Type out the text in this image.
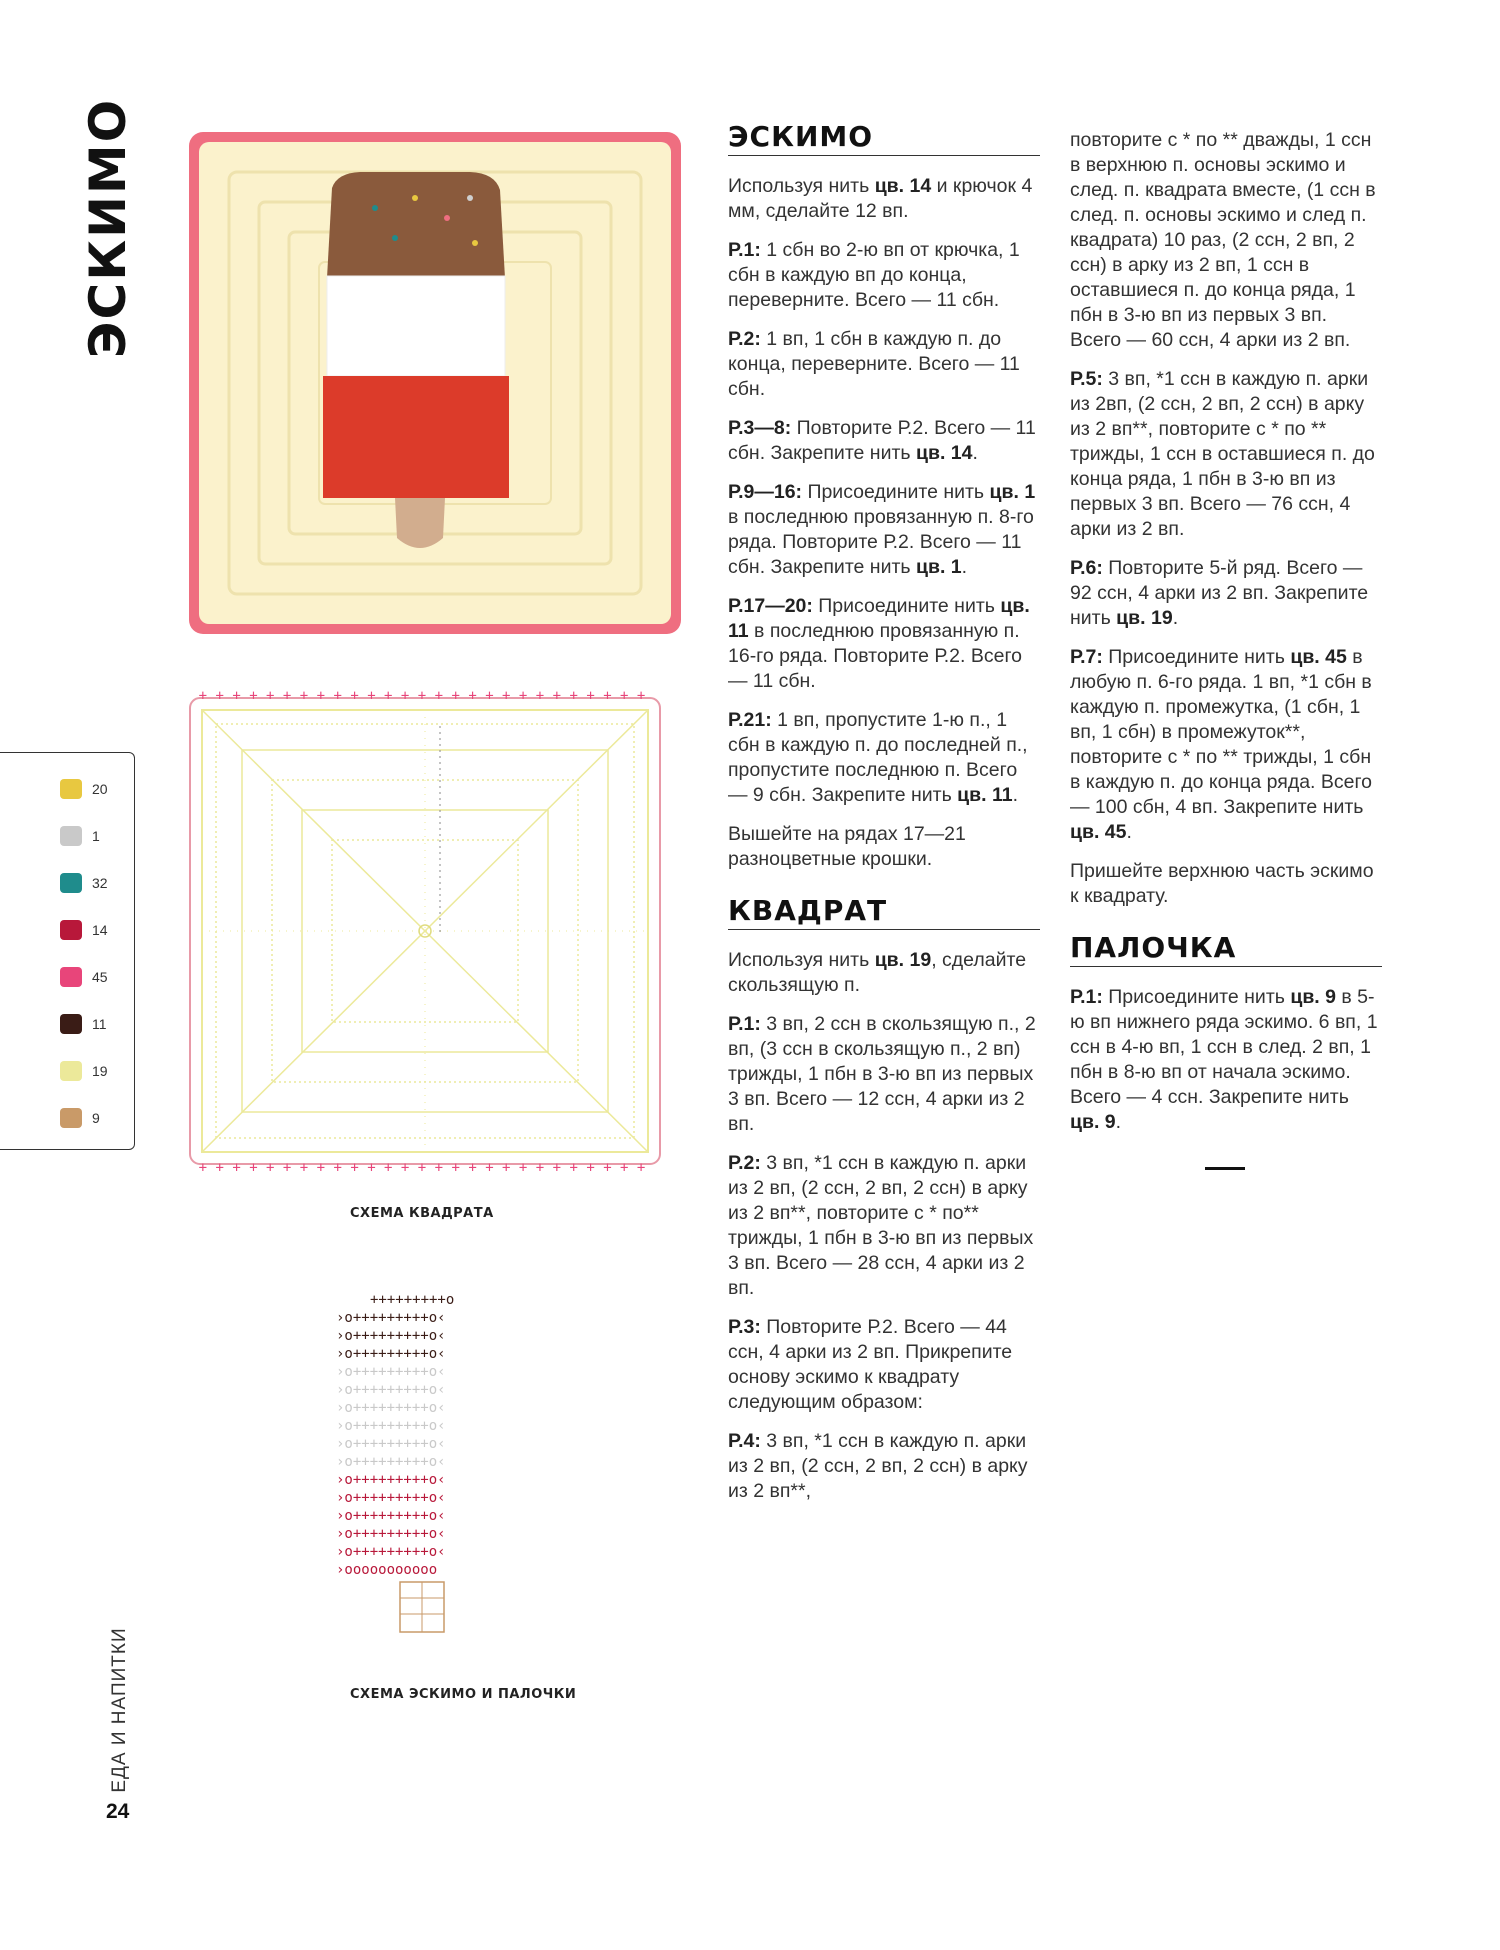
ЭСКИМО
+ + + + + + + + + + + + + + + + + + + + + + + + + + +
+ + + + + + + + + + + + + + + + + + + + + + + + + + +
СХЕМА КВАДРАТА
20
1
32
14
45
11
19
9
+++++++++o
›o+++++++++o‹
›o+++++++++o‹
›o+++++++++o‹
›o+++++++++o‹
›o+++++++++o‹
›o+++++++++o‹
›o+++++++++o‹
›o+++++++++o‹
›o+++++++++o‹
›o+++++++++o‹
›o+++++++++o‹
›o+++++++++o‹
›o+++++++++o‹
›o+++++++++o‹
›ooooooooooo
СХЕМА ЭСКИМО И ПАЛОЧКИ
ЕДА И НАПИТКИ
24
ЭСКИМО

Используя нить цв. 14 и крючок 4 мм, сделайте 12 вп.

Р.1: 1 сбн во 2-ю вп от крючка, 1 сбн в каждую вп до конца, переверните. Всего — 11 сбн.

Р.2: 1 вп, 1 сбн в каждую п. до конца, переверните. Всего — 11 сбн.

Р.3—8: Повторите Р.2. Всего — 11 сбн. Закрепите нить цв. 14.

Р.9—16: Присоедините нить цв. 1 в последнюю провязанную п. 8-го ряда. Повторите Р.2. Всего — 11 сбн. Закрепите нить цв. 1.

Р.17—20: Присоедините нить цв. 11 в последнюю провязанную п. 16-го ряда. Повторите Р.2. Всего — 11 сбн.

Р.21: 1 вп, пропустите 1-ю п., 1 сбн в каждую п. до последней п., пропустите последнюю п. Всего — 9 сбн. Закрепите нить цв. 11.

Вышейте на рядах 17—21 разноцветные крошки.

КВАДРАТ

Используя нить цв. 19, сделайте скользящую п.

Р.1: 3 вп, 2 ссн в скользящую п., 2 вп, (3 ссн в скользящую п., 2 вп) трижды, 1 пбн в 3-ю вп из первых 3 вп. Всего — 12 ссн, 4 арки из 2 вп.

Р.2: 3 вп, *1 ссн в каждую п. арки из 2 вп, (2 ссн, 2 вп, 2 ссн) в арку из 2 вп**, повторите с * по** трижды, 1 пбн в 3-ю вп из первых 3 вп. Всего — 28 ссн, 4 арки из 2 вп.

Р.3: Повторите Р.2. Всего — 44 ссн, 4 арки из 2 вп. Прикрепите основу эскимо к квадрату следующим образом:

Р.4: 3 вп, *1 ссн в каждую п. арки из 2 вп, (2 ссн, 2 вп, 2 ссн) в арку из 2 вп**,

повторите с * по ** дважды, 1 ссн в верхнюю п. основы эскимо и след. п. квадрата вместе, (1 ссн в след. п. основы эскимо и след п. квадрата) 10 раз, (2 ссн, 2 вп, 2 ссн) в арку из 2 вп, 1 ссн в оставшиеся п. до конца ряда, 1 пбн в 3-ю вп из первых 3 вп. Всего — 60 ссн, 4 арки из 2 вп.

Р.5: 3 вп, *1 ссн в каждую п. арки из 2вп, (2 ссн, 2 вп, 2 ссн) в арку из 2 вп**, повторите с * по ** трижды, 1 ссн в оставшиеся п. до конца ряда, 1 пбн в 3-ю вп из первых 3 вп. Всего — 76 ссн, 4 арки из 2 вп.

Р.6: Повторите 5-й ряд. Всего — 92 ссн, 4 арки из 2 вп. Закрепите нить цв. 19.

Р.7: Присоедините нить цв. 45 в любую п. 6-го ряда. 1 вп, *1 сбн в каждую п. промежутка, (1 сбн, 1 вп, 1 сбн) в промежуток**, повторите с * по ** трижды, 1 сбн в каждую п. до конца ряда. Всего — 100 сбн, 4 вп. Закрепите нить цв. 45.

Пришейте верхнюю часть эскимо к квадрату.

ПАЛОЧКА

Р.1: Присоедините нить цв. 9 в 5-ю вп нижнего ряда эскимо. 6 вп, 1 ссн в 4-ю вп, 1 ссн в след. 2 вп, 1 пбн в 8-ю вп от начала эскимо. Всего — 4 ссн. Закрепите нить цв. 9.
